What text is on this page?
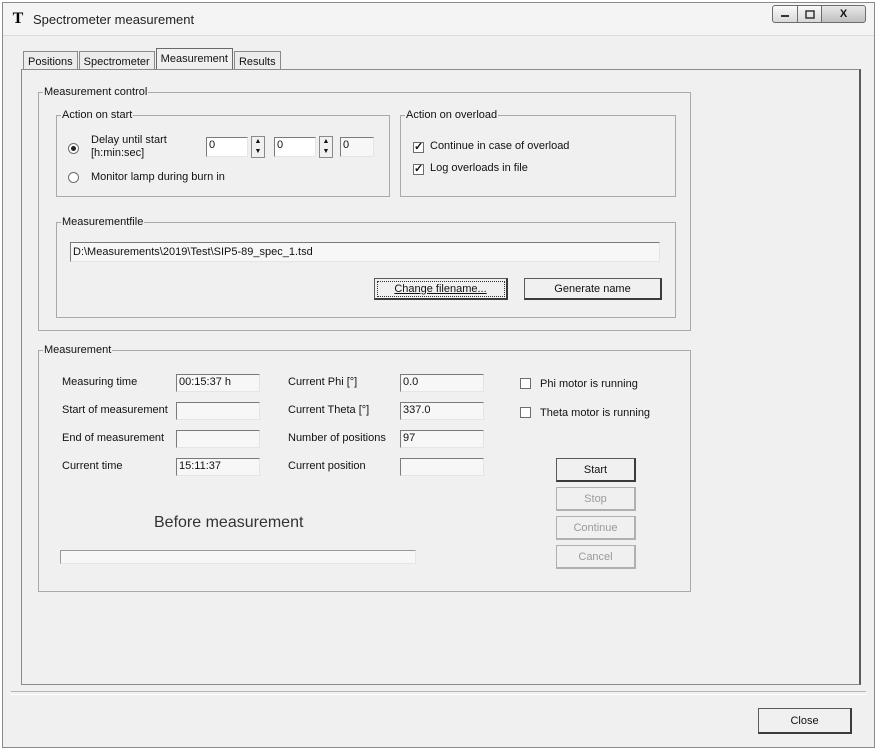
T Spectrometer measurement	X
Positions	Spectrometer	Measurement	Results
Measurement control
Action on start
Delay until start
[h:min:sec]
0	▲
▼
0	▲
▼
0
Monitor lamp during burn in
Action on overload
✓ Continue in case of overload
✓ Log overloads in file
Measurementfile
D:\Measurements\2019\Test\SIP5-89_spec_1.tsd
Change filename...	Generate name
Measurement
Measuring time	00:15:37 h
Start of measurement
End of measurement
Current time	15:11:37
Current Phi [°]	0.0
Current Theta [°]	337.0
Number of positions 97
Current position
Phi motor is running
Theta motor is running
Before measurement
Start
Stop
Continue
Cancel
Close
